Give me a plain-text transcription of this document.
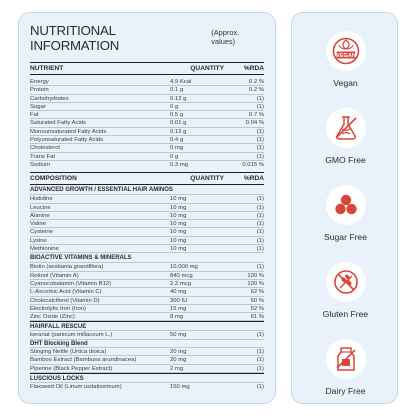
NUTRITIONAL INFORMATION
(Approx. values)
NUTRIENT	QUANTITY	%RDA
Energy	4.9 Kcal	0.2 %
Protein	0.1 g	0.2 %
Carbohydrates	0.12 g	(1)
Sugar	0 g	(1)
Fat	0.5 g	0.7 %
Saturated Fatty Acids	0.01 g	0.04 %
Monounsaturated Fatty Acids	0.12 g	(1)
Polyunsaturated Fatty Acids	0.4 g	(1)
Cholesterol	0 mg	(1)
Trans Fat	0 g	(1)
Sodium	0.3 mg	0.015 %
COMPOSITION	QUANTITY	%RDA
ADVANCED GROWTH / ESSENTIAL HAIR AMINOS
Histidine	10 mg	(1)
Leucine	10 mg	(1)
Alanine	10 mg	(1)
Valine	10 mg	(1)
Cysteine	10 mg	(1)
Lysine	10 mg	(1)
Methionine	10 mg	(1)
BIOACTIVE VITAMINS & MINERALS
Biotin (sesbania grandiflora)	10,000 mg	(1)
Retinol (Vitamin A)	840 mcg	100 %
Cyanocobalamin (Vitamin B12)	2.2 mcg	100 %
L-Ascorbic Acid (Vitamin C)	40 mg	62 %
Cholecalciferol (Vitamin D)	300 IU	50 %
Electrolytic Iron (Iron)	15 mg	52 %
Zinc Oxide (Zinc)	8 mg	61 %
HAIRFALL RESCUE
keranat (panicum millaceum L.)	50 mg	(1)
DHT Blocking Blend
Stinging Nettle (Urtica dioica)	20 mg	(1)
Bamboo Extract (Bambusa arundinacea)	20 mg	(1)
Piperine (Black Pepper Extract)	2 mg	(1)
LUSCIOUS LOCKS
Flaxseed Oil (Linum usitatissimum)	150 mg	(1)
VEGAN
Vegan
GMO Free
Sugar Free
Gluten Free
Dairy Free
